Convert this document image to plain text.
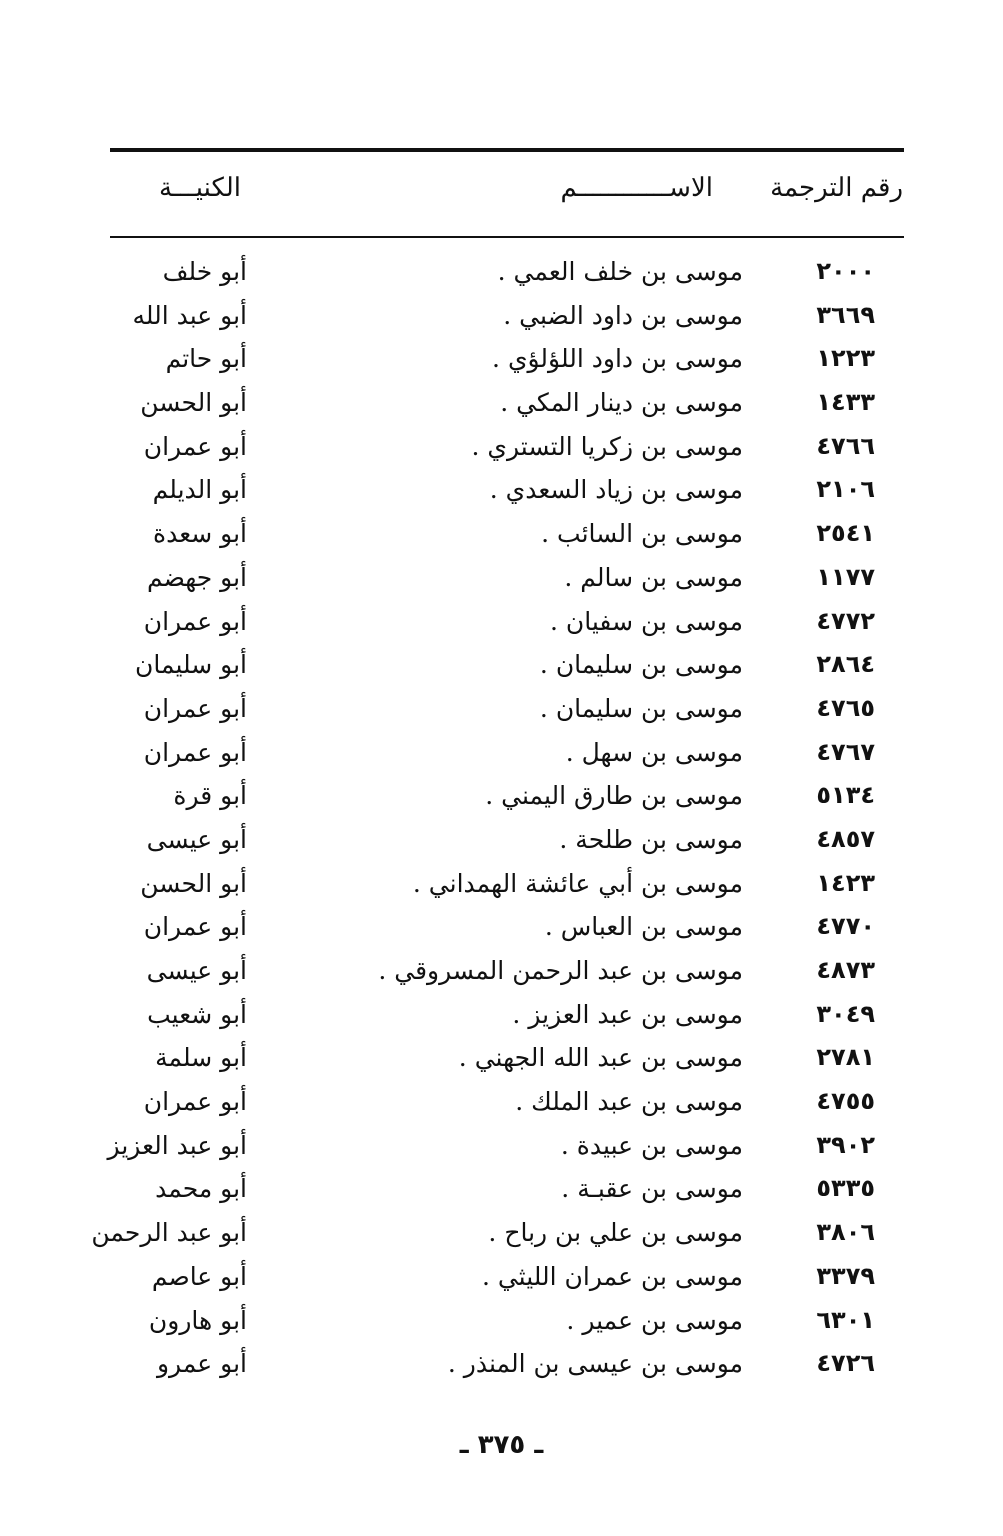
رقم الترجمة
الاســــــــــــم
الكنيـــة
٢٠٠٠
موسى بن خلف العمي .
أبو خلف
٣٦٦٩
موسى بن داود الضبي .
أبو عبد الله
١٢٢٣
موسى بن داود اللؤلؤي .
أبو حاتم
١٤٣٣
موسى بن دينار المكي .
أبو الحسن
٤٧٦٦
موسى بن زكريا التستري .
أبو عمران
٢١٠٦
موسى بن زياد السعدي .
أبو الديلم
٢٥٤١
موسى بن السائب .
أبو سعدة
١١٧٧
موسى بن سالم .
أبو جهضم
٤٧٧٢
موسى بن سفيان .
أبو عمران
٢٨٦٤
موسى بن سليمان .
أبو سليمان
٤٧٦٥
موسى بن سليمان .
أبو عمران
٤٧٦٧
موسى بن سهل .
أبو عمران
٥١٣٤
موسى بن طارق اليمني .
أبو قرة
٤٨٥٧
موسى بن طلحة .
أبو عيسى
١٤٢٣
موسى بن أبي عائشة الهمداني .
أبو الحسن
٤٧٧٠
موسى بن العباس .
أبو عمران
٤٨٧٣
موسى بن عبد الرحمن المسروقي .
أبو عيسى
٣٠٤٩
موسى بن عبد العزيز .
أبو شعيب
٢٧٨١
موسى بن عبد الله الجهني .
أبو سلمة
٤٧٥٥
موسى بن عبد الملك .
أبو عمران
٣٩٠٢
موسى بن عبيدة .
أبو عبد العزيز
٥٣٣٥
موسى بن عقبـة .
أبو محمد
٣٨٠٦
موسى بن علي بن رباح .
أبو عبد الرحمن
٣٣٧٩
موسى بن عمران الليثي .
أبو عاصم
٦٣٠١
موسى بن عمير .
أبو هارون
٤٧٢٦
موسى بن عيسى بن المنذر .
أبو عمرو
ـ ٣٧٥ ـ
